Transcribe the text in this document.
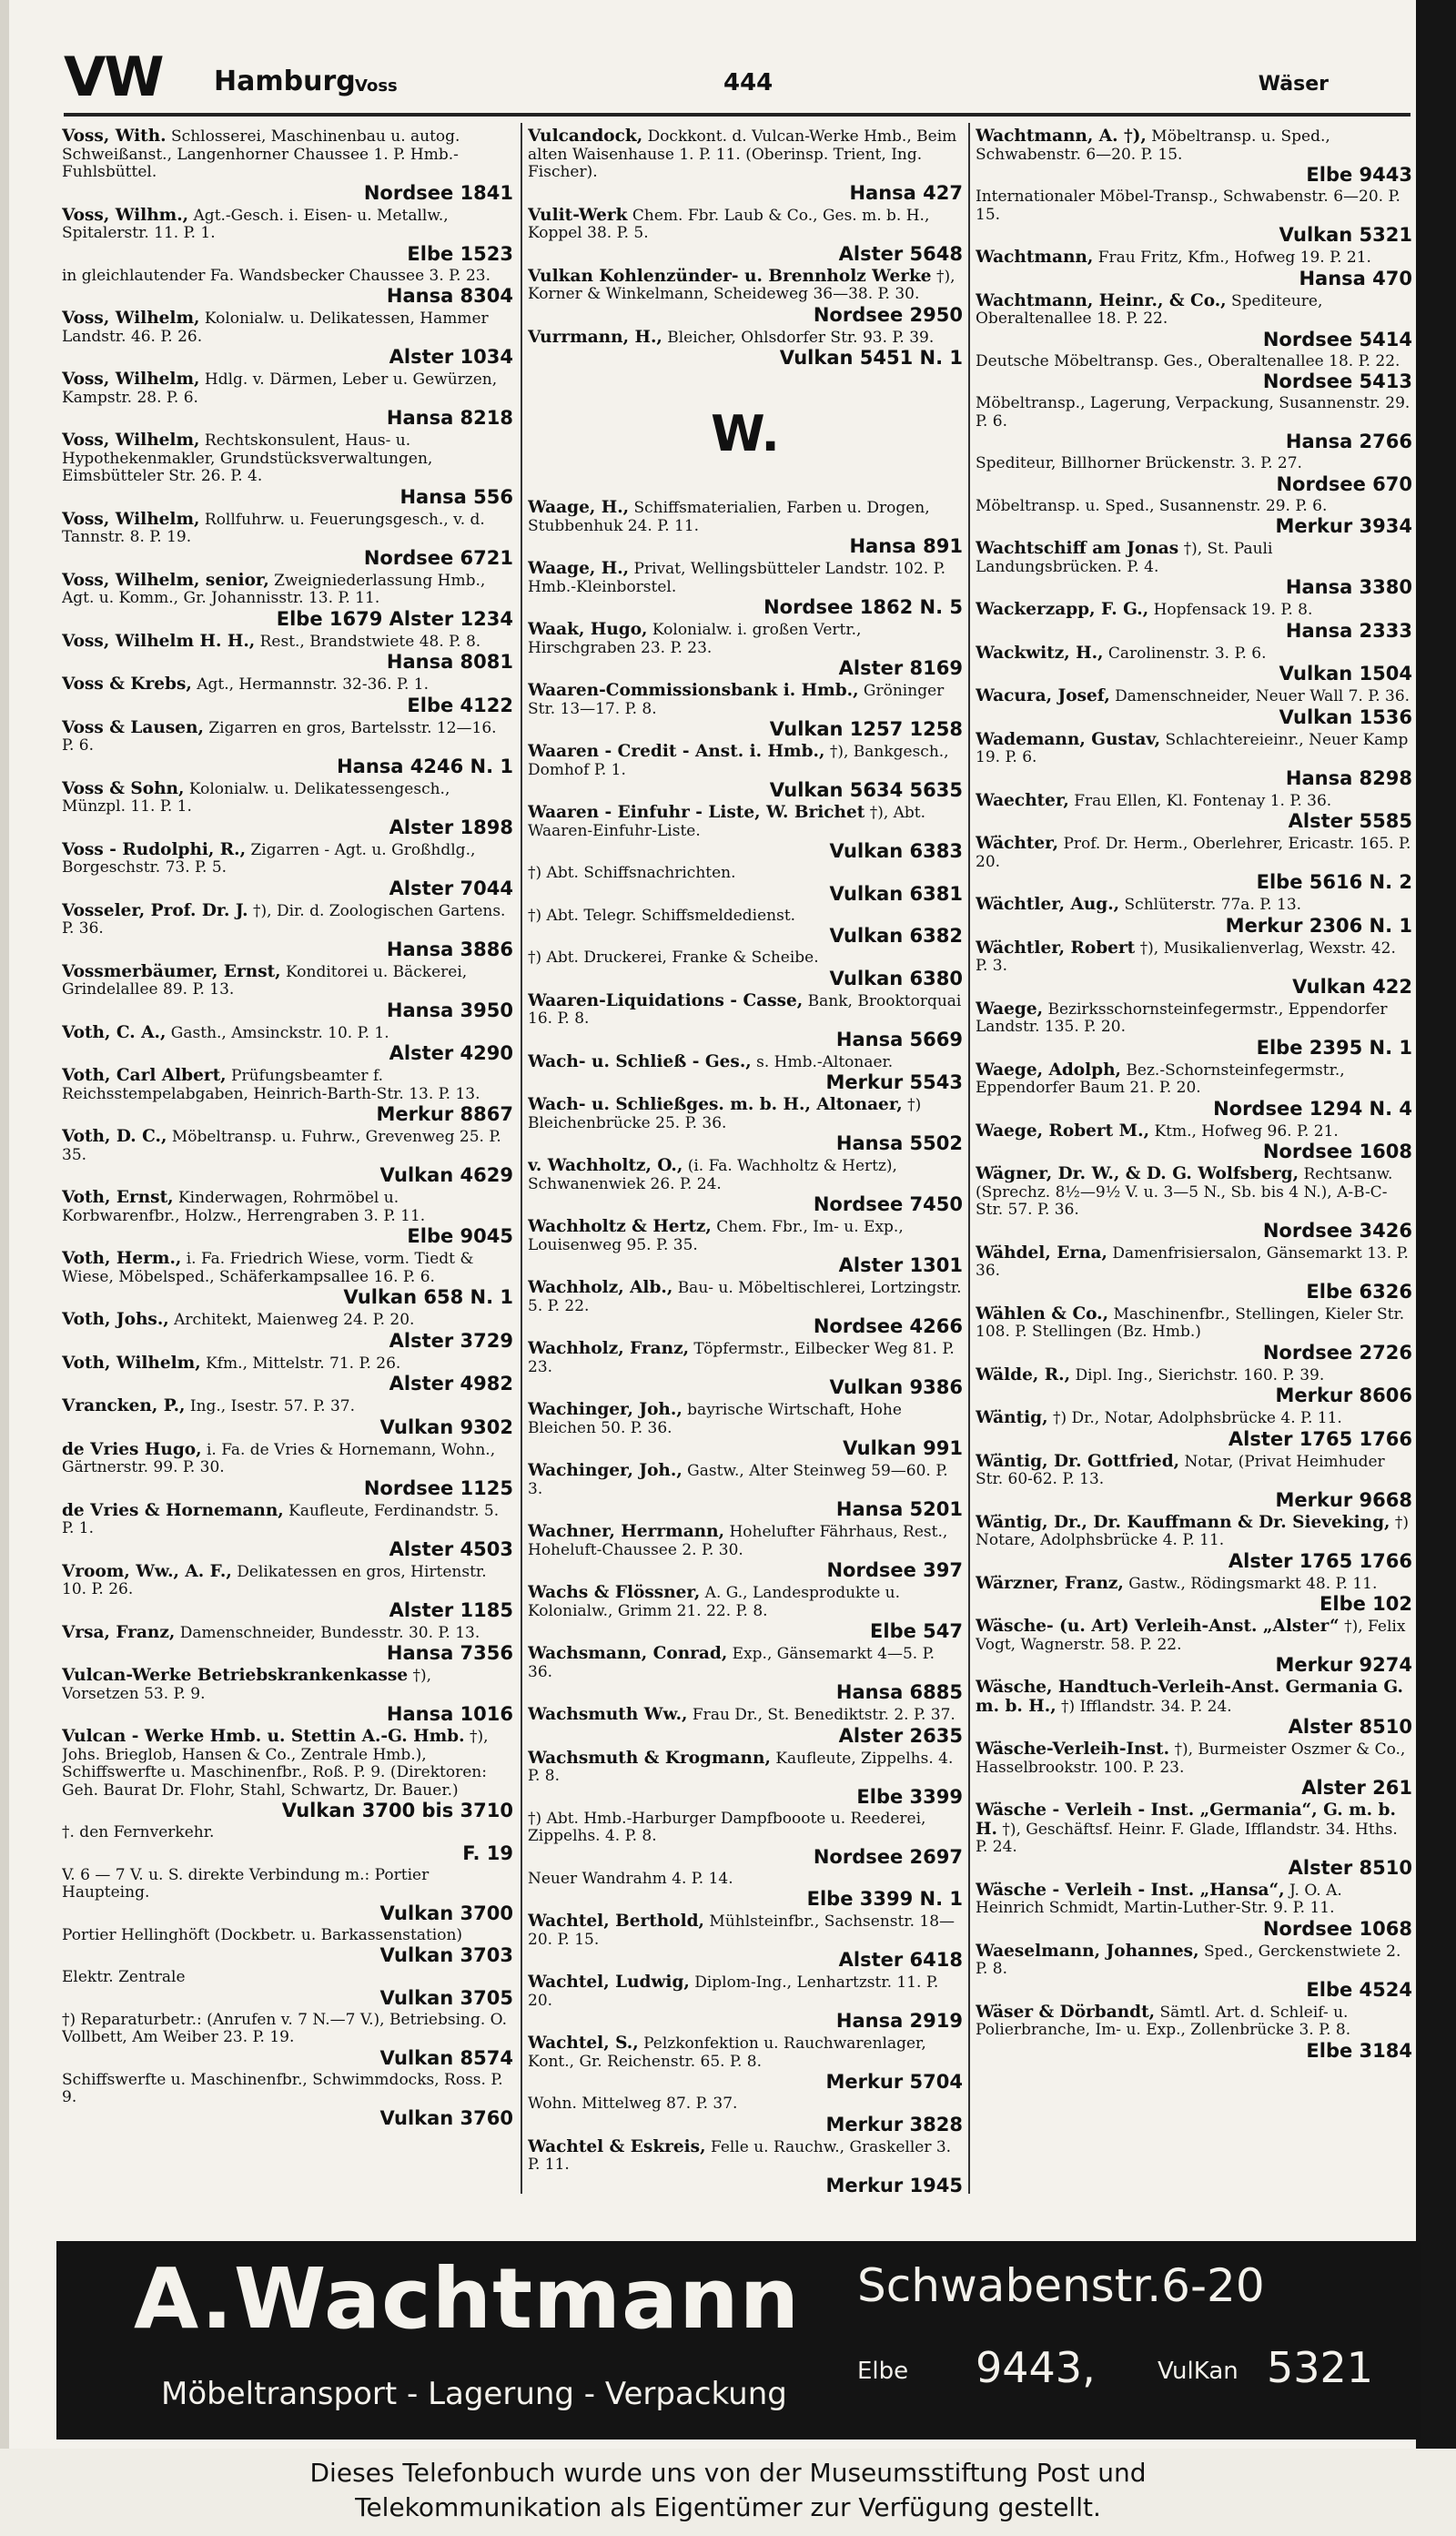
VW Hamburg Voss	444	Wäser
Voss, With. Schlosserei, Maschinenbau u. autog. Schweißanst., Langenhorner Chaussee 1. P. Hmb.-Fuhlsbüttel.
Nordsee 1841
Voss, Wilhm., Agt.-Gesch. i. Eisen- u. Metallw., Spitalerstr. 11. P. 1.
Elbe 1523
in gleichlautender Fa. Wandsbecker Chaussee 3. P. 23.
Hansa 8304
Voss, Wilhelm, Kolonialw. u. Delikatessen, Hammer Landstr. 46. P. 26.
Alster 1034
Voss, Wilhelm, Hdlg. v. Därmen, Leber u. Gewürzen, Kampstr. 28. P. 6.
Hansa 8218
Voss, Wilhelm, Rechtskonsulent, Haus- u. Hypothekenmakler, Grundstücksverwaltungen, Eimsbütteler Str. 26. P. 4.
Hansa 556
Voss, Wilhelm, Rollfuhrw. u. Feuerungsgesch., v. d. Tannstr. 8. P. 19.
Nordsee 6721
Voss, Wilhelm, senior, Zweigniederlassung Hmb., Agt. u. Komm., Gr. Johannisstr. 13. P. 11.
Elbe 1679 Alster 1234
Voss, Wilhelm H. H., Rest., Brandstwiete 48. P. 8.
Hansa 8081
Voss & Krebs, Agt., Hermannstr. 32-36. P. 1.
Elbe 4122
Voss & Lausen, Zigarren en gros, Bartelsstr. 12—16. P. 6.
Hansa 4246 N. 1
Voss & Sohn, Kolonialw. u. Delikatessengesch., Münzpl. 11. P. 1.
Alster 1898
Voss - Rudolphi, R., Zigarren - Agt. u. Großhdlg., Borgeschstr. 73. P. 5.
Alster 7044
Vosseler, Prof. Dr. J. †), Dir. d. Zoologischen Gartens. P. 36.
Hansa 3886
Vossmerbäumer, Ernst, Konditorei u. Bäckerei, Grindelallee 89. P. 13.
Hansa 3950
Voth, C. A., Gasth., Amsinckstr. 10. P. 1.
Alster 4290
Voth, Carl Albert, Prüfungsbeamter f. Reichsstempelabgaben, Heinrich-Barth-Str. 13. P. 13.
Merkur 8867
Voth, D. C., Möbeltransp. u. Fuhrw., Grevenweg 25. P. 35.
Vulkan 4629
Voth, Ernst, Kinderwagen, Rohrmöbel u. Korbwarenfbr., Holzw., Herrengraben 3. P. 11.
Elbe 9045
Voth, Herm., i. Fa. Friedrich Wiese, vorm. Tiedt & Wiese, Möbelsped., Schäferkampsallee 16. P. 6.
Vulkan 658 N. 1
Voth, Johs., Architekt, Maienweg 24. P. 20.
Alster 3729
Voth, Wilhelm, Kfm., Mittelstr. 71. P. 26.
Alster 4982
Vrancken, P., Ing., Isestr. 57. P. 37.
Vulkan 9302
de Vries Hugo, i. Fa. de Vries & Hornemann, Wohn., Gärtnerstr. 99. P. 30.
Nordsee 1125
de Vries & Hornemann, Kaufleute, Ferdinandstr. 5. P. 1.
Alster 4503
Vroom, Ww., A. F., Delikatessen en gros, Hirtenstr. 10. P. 26.
Alster 1185
Vrsa, Franz, Damenschneider, Bundesstr. 30. P. 13.
Hansa 7356
Vulcan-Werke Betriebskrankenkasse †), Vorsetzen 53. P. 9.
Hansa 1016
Vulcan - Werke Hmb. u. Stettin A.-G. Hmb. †), Johs. Brieglob, Hansen & Co., Zentrale Hmb.), Schiffswerfte u. Maschinenfbr., Roß. P. 9. (Direktoren: Geh. Baurat Dr. Flohr, Stahl, Schwartz, Dr. Bauer.)
Vulkan 3700 bis 3710
†. den Fernverkehr.
F. 19
V. 6 — 7 V. u. S. direkte Verbindung m.: Portier Haupteing.
Vulkan 3700
Portier Hellinghöft (Dockbetr. u. Barkassenstation)
Vulkan 3703
Elektr. Zentrale
Vulkan 3705
†) Reparaturbetr.: (Anrufen v. 7 N.—7 V.), Betriebsing. O. Vollbett, Am Weiber 23. P. 19.
Vulkan 8574
Schiffswerfte u. Maschinenfbr., Schwimmdocks, Ross. P. 9.
Vulkan 3760
Vulcandock, Dockkont. d. Vulcan-Werke Hmb., Beim alten Waisenhause 1. P. 11. (Oberinsp. Trient, Ing. Fischer).
Hansa 427
Vulit-Werk Chem. Fbr. Laub & Co., Ges. m. b. H., Koppel 38. P. 5.
Alster 5648
Vulkan Kohlenzünder- u. Brennholz Werke †), Korner & Winkelmann, Scheideweg 36—38. P. 30.
Nordsee 2950
Vurrmann, H., Bleicher, Ohlsdorfer Str. 93. P. 39.
Vulkan 5451 N. 1
W.
Waage, H., Schiffsmaterialien, Farben u. Drogen, Stubbenhuk 24. P. 11.
Hansa 891
Waage, H., Privat, Wellingsbütteler Landstr. 102. P. Hmb.-Kleinborstel.
Nordsee 1862 N. 5
Waak, Hugo, Kolonialw. i. großen Vertr., Hirschgraben 23. P. 23.
Alster 8169
Waaren-Commissionsbank i. Hmb., Gröninger Str. 13—17. P. 8.
Vulkan 1257 1258
Waaren - Credit - Anst. i. Hmb., †), Bankgesch., Domhof P. 1.
Vulkan 5634 5635
Waaren - Einfuhr - Liste, W. Brichet †), Abt. Waaren-Einfuhr-Liste.
Vulkan 6383
†) Abt. Schiffsnachrichten.
Vulkan 6381
†) Abt. Telegr. Schiffsmeldedienst.
Vulkan 6382
†) Abt. Druckerei, Franke & Scheibe.
Vulkan 6380
Waaren-Liquidations - Casse, Bank, Brooktorquai 16. P. 8.
Hansa 5669
Wach- u. Schließ - Ges., s. Hmb.-Altonaer.
Merkur 5543
Wach- u. Schließges. m. b. H., Altonaer, †) Bleichenbrücke 25. P. 36.
Hansa 5502
v. Wachholtz, O., (i. Fa. Wachholtz & Hertz), Schwanenwiek 26. P. 24.
Nordsee 7450
Wachholtz & Hertz, Chem. Fbr., Im- u. Exp., Louisenweg 95. P. 35.
Alster 1301
Wachholz, Alb., Bau- u. Möbeltischlerei, Lortzingstr. 5. P. 22.
Nordsee 4266
Wachholz, Franz, Töpfermstr., Eilbecker Weg 81. P. 23.
Vulkan 9386
Wachinger, Joh., bayrische Wirtschaft, Hohe Bleichen 50. P. 36.
Vulkan 991
Wachinger, Joh., Gastw., Alter Steinweg 59—60. P. 3.
Hansa 5201
Wachner, Herrmann, Hohelufter Fährhaus, Rest., Hoheluft-Chaussee 2. P. 30.
Nordsee 397
Wachs & Flössner, A. G., Landesprodukte u. Kolonialw., Grimm 21. 22. P. 8.
Elbe 547
Wachsmann, Conrad, Exp., Gänsemarkt 4—5. P. 36.
Hansa 6885
Wachsmuth Ww., Frau Dr., St. Benediktstr. 2. P. 37.
Alster 2635
Wachsmuth & Krogmann, Kaufleute, Zippelhs. 4. P. 8.
Elbe 3399
†) Abt. Hmb.-Harburger Dampfbooote u. Reederei, Zippelhs. 4. P. 8.
Nordsee 2697
Neuer Wandrahm 4. P. 14.
Elbe 3399 N. 1
Wachtel, Berthold, Mühlsteinfbr., Sachsenstr. 18—20. P. 15.
Alster 6418
Wachtel, Ludwig, Diplom-Ing., Lenhartzstr. 11. P. 20.
Hansa 2919
Wachtel, S., Pelzkonfektion u. Rauchwarenlager, Kont., Gr. Reichenstr. 65. P. 8.
Merkur 5704
Wohn. Mittelweg 87. P. 37.
Merkur 3828
Wachtel & Eskreis, Felle u. Rauchw., Graskeller 3. P. 11.
Merkur 1945
Wachtmann, A. †), Möbeltransp. u. Sped., Schwabenstr. 6—20. P. 15.
Elbe 9443
Internationaler Möbel-Transp., Schwabenstr. 6—20. P. 15.
Vulkan 5321
Wachtmann, Frau Fritz, Kfm., Hofweg 19. P. 21.
Hansa 470
Wachtmann, Heinr., & Co., Spediteure, Oberaltenallee 18. P. 22.
Nordsee 5414
Deutsche Möbeltransp. Ges., Oberaltenallee 18. P. 22.
Nordsee 5413
Möbeltransp., Lagerung, Verpackung, Susannenstr. 29. P. 6.
Hansa 2766
Spediteur, Billhorner Brückenstr. 3. P. 27.
Nordsee 670
Möbeltransp. u. Sped., Susannenstr. 29. P. 6.
Merkur 3934
Wachtschiff am Jonas †), St. Pauli Landungsbrücken. P. 4.
Hansa 3380
Wackerzapp, F. G., Hopfensack 19. P. 8.
Hansa 2333
Wackwitz, H., Carolinenstr. 3. P. 6.
Vulkan 1504
Wacura, Josef, Damenschneider, Neuer Wall 7. P. 36.
Vulkan 1536
Wademann, Gustav, Schlachtereieinr., Neuer Kamp 19. P. 6.
Hansa 8298
Waechter, Frau Ellen, Kl. Fontenay 1. P. 36.
Alster 5585
Wächter, Prof. Dr. Herm., Oberlehrer, Ericastr. 165. P. 20.
Elbe 5616 N. 2
Wächtler, Aug., Schlüterstr. 77a. P. 13.
Merkur 2306 N. 1
Wächtler, Robert †), Musikalienverlag, Wexstr. 42. P. 3.
Vulkan 422
Waege, Bezirksschornsteinfegermstr., Eppendorfer Landstr. 135. P. 20.
Elbe 2395 N. 1
Waege, Adolph, Bez.-Schornsteinfegermstr., Eppendorfer Baum 21. P. 20.
Nordsee 1294 N. 4
Waege, Robert M., Ktm., Hofweg 96. P. 21.
Nordsee 1608
Wägner, Dr. W., & D. G. Wolfsberg, Rechtsanw. (Sprechz. 8½—9½ V. u. 3—5 N., Sb. bis 4 N.), A-B-C-Str. 57. P. 36.
Nordsee 3426
Wähdel, Erna, Damenfrisiersalon, Gänsemarkt 13. P. 36.
Elbe 6326
Wählen & Co., Maschinenfbr., Stellingen, Kieler Str. 108. P. Stellingen (Bz. Hmb.)
Nordsee 2726
Wälde, R., Dipl. Ing., Sierichstr. 160. P. 39.
Merkur 8606
Wäntig, †) Dr., Notar, Adolphsbrücke 4. P. 11.
Alster 1765 1766
Wäntig, Dr. Gottfried, Notar, (Privat Heimhuder Str. 60-62. P. 13.
Merkur 9668
Wäntig, Dr., Dr. Kauffmann & Dr. Sieveking, †) Notare, Adolphsbrücke 4. P. 11.
Alster 1765 1766
Wärzner, Franz, Gastw., Rödingsmarkt 48. P. 11.
Elbe 102
Wäsche- (u. Art) Verleih-Anst. „Alster“ †), Felix Vogt, Wagnerstr. 58. P. 22.
Merkur 9274
Wäsche, Handtuch-Verleih-Anst. Germania G. m. b. H., †) Ifflandstr. 34. P. 24.
Alster 8510
Wäsche-Verleih-Inst. †), Burmeister Oszmer & Co., Hasselbrookstr. 100. P. 23.
Alster 261
Wäsche - Verleih - Inst. „Germania“, G. m. b. H. †), Geschäftsf. Heinr. F. Glade, Ifflandstr. 34. Hths. P. 24.
Alster 8510
Wäsche - Verleih - Inst. „Hansa“, J. O. A. Heinrich Schmidt, Martin-Luther-Str. 9. P. 11.
Nordsee 1068
Waeselmann, Johannes, Sped., Gerckenstwiete 2. P. 8.
Elbe 4524
Wäser & Dörbandt, Sämtl. Art. d. Schleif- u. Polierbranche, Im- u. Exp., Zollenbrücke 3. P. 8.
Elbe 3184
A.Wachtmann
Möbeltransport - Lagerung - Verpackung
Schwabenstr.6-20
Elbe 9443,	VulKan 5321
Dieses Telefonbuch wurde uns von der Museumsstiftung Post und
Telekommunikation als Eigentümer zur Verfügung gestellt.
